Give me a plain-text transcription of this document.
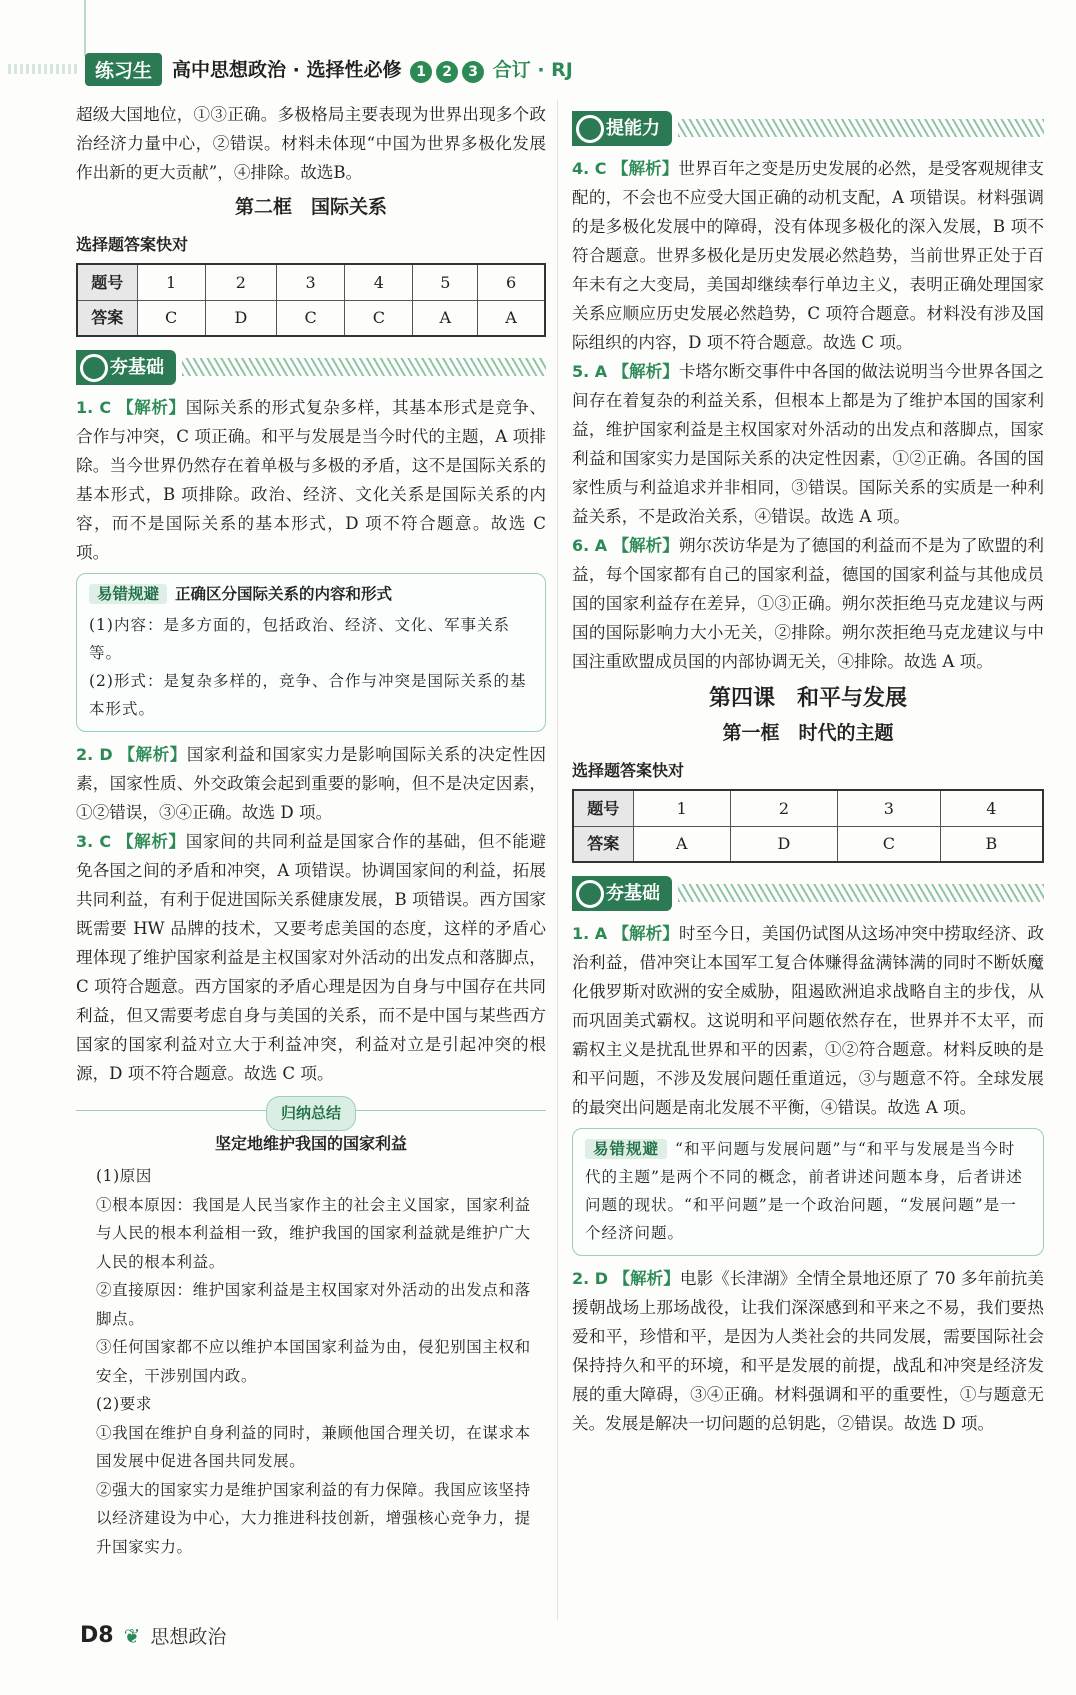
练习生	高中思想政治 · 选择性必修 1 2 3 合订 · RJ

超级大国地位，①③正确。多极格局主要表现为世界出现多个政治经济力量中心，②错误。材料未体现“中国为世界多极化发展作出新的更大贡献”，④排除。故选B。

第二框　国际关系
选择题答案快对
题号	1	2	3	4	5	6
答案	C	D	C	C	A	A
夯基础

1. C 【解析】国际关系的形式复杂多样，其基本形式是竞争、合作与冲突，C 项正确。和平与发展是当今时代的主题，A 项排除。当今世界仍然存在着单极与多极的矛盾，这不是国际关系的基本形式，B 项排除。政治、经济、文化关系是国际关系的内容，而不是国际关系的基本形式，D 项不符合题意。故选 C 项。

易错规避 正确区分国际关系的内容和形式
(1)内容：是多方面的，包括政治、经济、文化、军事关系等。
(2)形式：是复杂多样的，竞争、合作与冲突是国际关系的基本形式。

2. D 【解析】国家利益和国家实力是影响国际关系的决定性因素，国家性质、外交政策会起到重要的影响，但不是决定因素，①②错误，③④正确。故选 D 项。

3. C 【解析】国家间的共同利益是国家合作的基础，但不能避免各国之间的矛盾和冲突，A 项错误。协调国家间的利益，拓展共同利益，有利于促进国际关系健康发展，B 项错误。西方国家既需要 HW 品牌的技术，又要考虑美国的态度，这样的矛盾心理体现了维护国家利益是主权国家对外活动的出发点和落脚点，C 项符合题意。西方国家的矛盾心理是因为自身与中国存在共同利益，但又需要考虑自身与美国的关系，而不是中国与某些西方国家的国家利益对立大于利益冲突，利益对立是引起冲突的根源，D 项不符合题意。故选 C 项。

归纳总结
坚定地维护我国的国家利益
(1)原因
①根本原因：我国是人民当家作主的社会主义国家，国家利益与人民的根本利益相一致，维护我国的国家利益就是维护广大人民的根本利益。
②直接原因：维护国家利益是主权国家对外活动的出发点和落脚点。
③任何国家都不应以维护本国国家利益为由，侵犯别国主权和安全，干涉别国内政。
(2)要求
①我国在维护自身利益的同时，兼顾他国合理关切，在谋求本国发展中促进各国共同发展。
②强大的国家实力是维护国家利益的有力保障。我国应该坚持以经济建设为中心，大力推进科技创新，增强核心竞争力，提升国家实力。
提能力

4. C 【解析】世界百年之变是历史发展的必然，是受客观规律支配的，不会也不应受大国正确的动机支配，A 项错误。材料强调的是多极化发展中的障碍，没有体现多极化的深入发展，B 项不符合题意。世界多极化是历史发展必然趋势，当前世界正处于百年未有之大变局，美国却继续奉行单边主义，表明正确处理国家关系应顺应历史发展必然趋势，C 项符合题意。材料没有涉及国际组织的内容，D 项不符合题意。故选 C 项。

5. A 【解析】卡塔尔断交事件中各国的做法说明当今世界各国之间存在着复杂的利益关系，但根本上都是为了维护本国的国家利益，维护国家利益是主权国家对外活动的出发点和落脚点，国家利益和国家实力是国际关系的决定性因素，①②正确。各国的国家性质与利益追求并非相同，③错误。国际关系的实质是一种利益关系，不是政治关系，④错误。故选 A 项。

6. A 【解析】朔尔茨访华是为了德国的利益而不是为了欧盟的利益，每个国家都有自己的国家利益，德国的国家利益与其他成员国的国家利益存在差异，①③正确。朔尔茨拒绝马克龙建议与两国的国际影响力大小无关，②排除。朔尔茨拒绝马克龙建议与中国注重欧盟成员国的内部协调无关，④排除。故选 A 项。

第四课　和平与发展
第一框　时代的主题
选择题答案快对
题号	1	2	3	4
答案	A	D	C	B
夯基础

1. A 【解析】时至今日，美国仍试图从这场冲突中捞取经济、政治利益，借冲突让本国军工复合体赚得盆满钵满的同时不断妖魔化俄罗斯对欧洲的安全威胁，阻遏欧洲追求战略自主的步伐，从而巩固美式霸权。这说明和平问题依然存在，世界并不太平，而霸权主义是扰乱世界和平的因素，①②符合题意。材料反映的是和平问题，不涉及发展问题任重道远，③与题意不符。全球发展的最突出问题是南北发展不平衡，④错误。故选 A 项。

易错规避 “和平问题与发展问题”与“和平与发展是当今时代的主题”是两个不同的概念，前者讲述问题本身，后者讲述问题的现状。“和平问题”是一个政治问题，“发展问题”是一个经济问题。

2. D 【解析】电影《长津湖》全情全景地还原了 70 多年前抗美援朝战场上那场战役，让我们深深感到和平来之不易，我们要热爱和平，珍惜和平，是因为人类社会的共同发展，需要国际社会保持持久和平的环境，和平是发展的前提，战乱和冲突是经济发展的重大障碍，③④正确。材料强调和平的重要性，①与题意无关。发展是解决一切问题的总钥匙，②错误。故选 D 项。

D8 ❦ 思想政治
